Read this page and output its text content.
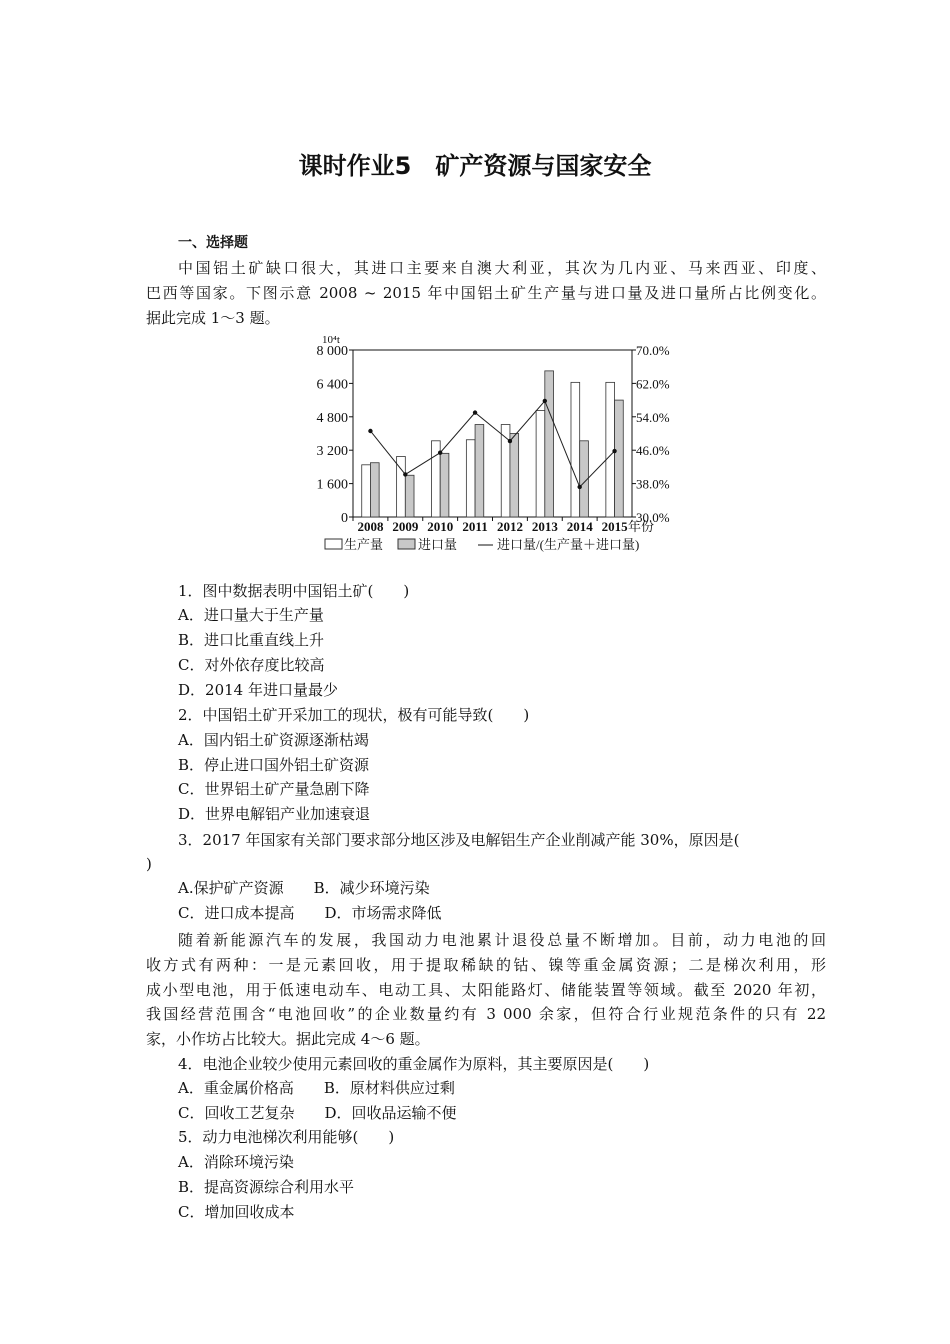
课时作业5　矿产资源与国家安全
一、选择题
中国铝土矿缺口很大，其进口主要来自澳大利亚，其次为几内亚、马来西亚、印度、
巴西等国家。下图示意 2008 ~ 2015 年中国铝土矿生产量与进口量及进口量所占比例变化。
据此完成 1～3 题。
0
1 600
3 200
4 800
6 400
8 000
30.0%
38.0%
46.0%
54.0%
62.0%
70.0%
10⁴t
2008 2009 2010 2011 2012 2013 2014 2015 年份
生产量	进口量	进口量/(生产量＋进口量)
1．图中数据表明中国铝土矿(　　)
A．进口量大于生产量
B．进口比重直线上升
C．对外依存度比较高
D．2014 年进口量最少
2．中国铝土矿开采加工的现状，极有可能导致(　　)
A．国内铝土矿资源逐渐枯竭
B．停止进口国外铝土矿资源
C．世界铝土矿产量急剧下降
D．世界电解铝产业加速衰退
3．2017 年国家有关部门要求部分地区涉及电解铝生产企业削减产能 30%，原因是(
)
A.保护矿产资源　　B．减少环境污染
C．进口成本提高　　D．市场需求降低
随着新能源汽车的发展，我国动力电池累计退役总量不断增加。目前，动力电池的回
收方式有两种：一是元素回收，用于提取稀缺的钴、镍等重金属资源；二是梯次利用，形
成小型电池，用于低速电动车、电动工具、太阳能路灯、储能装置等领域。截至 2020 年初，
我国经营范围含“电池回收”的企业数量约有 3 000 余家，但符合行业规范条件的只有 22
家，小作坊占比较大。据此完成 4～6 题。
4．电池企业较少使用元素回收的重金属作为原料，其主要原因是(　　)
A．重金属价格高　　B．原材料供应过剩
C．回收工艺复杂　　D．回收品运输不便
5．动力电池梯次利用能够(　　)
A．消除环境污染
B．提高资源综合利用水平
C．增加回收成本
